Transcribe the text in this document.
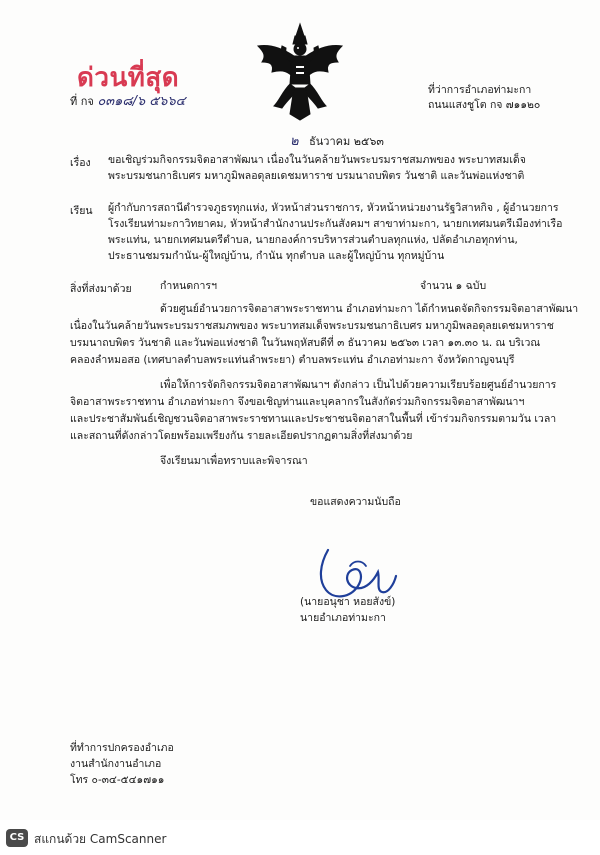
ด่วนที่สุด
ที่ กจ ๐๓๑๘/๖ ๕๖๖๔
ที่ว่าการอำเภอท่ามะกา
ถนนแสงชูโต กจ ๗๑๑๒๐
๒ ธันวาคม ๒๕๖๓
เรื่อง ขอเชิญร่วมกิจกรรมจิตอาสาพัฒนา เนื่องในวันคล้ายวันพระบรมราชสมภพของ พระบาทสมเด็จ
พระบรมชนกาธิเบศร มหาภูมิพลอดุลยเดชมหาราช บรมนาถบพิตร วันชาติ และวันพ่อแห่งชาติ
เรียน ผู้กำกับการสถานีตำรวจภูธรทุกแห่ง, หัวหน้าส่วนราชการ, หัวหน้าหน่วยงานรัฐวิสาหกิจ , ผู้อำนวยการ
โรงเรียนท่ามะกาวิทยาคม, หัวหน้าสำนักงานประกันสังคมฯ สาขาท่ามะกา, นายกเทศมนตรีเมืองท่าเรือ
พระแท่น, นายกเทศมนตรีตำบล, นายกองค์การบริหารส่วนตำบลทุกแห่ง, ปลัดอำเภอทุกท่าน,
ประธานชมรมกำนัน-ผู้ใหญ่บ้าน, กำนัน ทุกตำบล และผู้ใหญ่บ้าน ทุกหมู่บ้าน
สิ่งที่ส่งมาด้วย	กำหนดการฯ	จำนวน ๑ ฉบับ
ด้วยศูนย์อำนวยการจิตอาสาพระราชทาน อำเภอท่ามะกา ได้กำหนดจัดกิจกรรมจิตอาสาพัฒนา
เนื่องในวันคล้ายวันพระบรมราชสมภพของ พระบาทสมเด็จพระบรมชนกาธิเบศร มหาภูมิพลอดุลยเดชมหาราช
บรมนาถบพิตร วันชาติ และวันพ่อแห่งชาติ ในวันพฤหัสบดีที่ ๓ ธันวาคม ๒๕๖๓ เวลา ๑๓.๓๐ น. ณ บริเวณ
คลองลำหมอสอ (เทศบาลตำบลพระแท่นลำพระยา) ตำบลพระแท่น อำเภอท่ามะกา จังหวัดกาญจนบุรี
เพื่อให้การจัดกิจกรรมจิตอาสาพัฒนาฯ ดังกล่าว เป็นไปด้วยความเรียบร้อยศูนย์อำนวยการ
จิตอาสาพระราชทาน อำเภอท่ามะกา จึงขอเชิญท่านและบุคลากรในสังกัดร่วมกิจกรรมจิตอาสาพัฒนาฯ
และประชาสัมพันธ์เชิญชวนจิตอาสาพระราชทานและประชาชนจิตอาสาในพื้นที่ เข้าร่วมกิจกรรมตามวัน เวลา
และสถานที่ดังกล่าวโดยพร้อมเพรียงกัน รายละเอียดปรากฏตามสิ่งที่ส่งมาด้วย
จึงเรียนมาเพื่อทราบและพิจารณา
ขอแสดงความนับถือ
(นายอนุชา หอยสังข์)
นายอำเภอท่ามะกา
ที่ทำการปกครองอำเภอ
งานสำนักงานอำเภอ
โทร ๐-๓๔-๕๔๑๗๑๑
CS สแกนด้วย CamScanner
